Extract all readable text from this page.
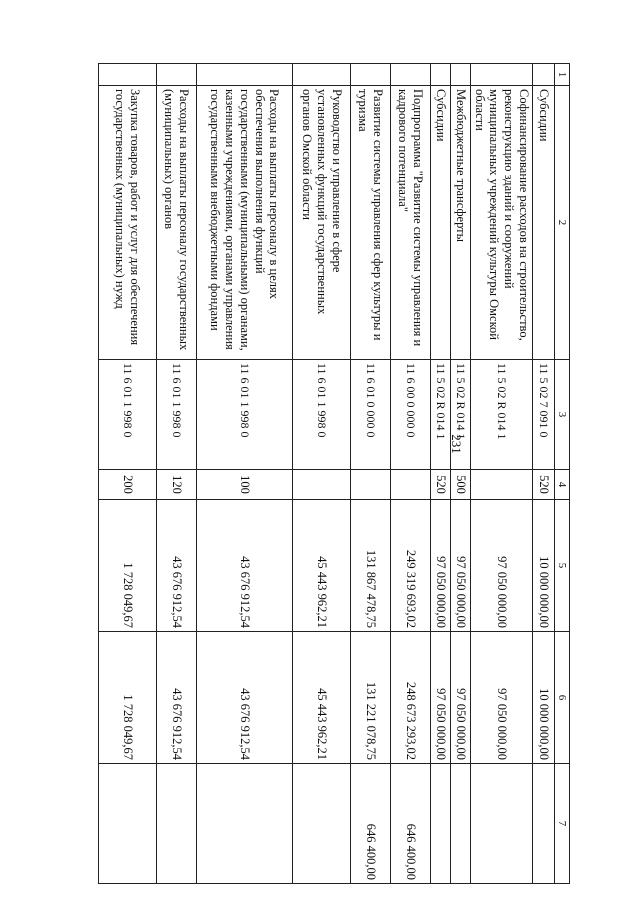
231
1	2	3	4	5	6	7
	Субсидии	11 5 02 7 091 0	520	10 000 000,00	10 000 000,00	
	Софинансирование расходов на строительство, реконструкцию зданий и сооружений муниципальных учреждений культуры Омской области	11 5 02 R 014 1		97 050 000,00	97 050 000,00	
	Межбюджетные трансферты	11 5 02 R 014 1	500	97 050 000,00	97 050 000,00	
	Субсидии	11 5 02 R 014 1	520	97 050 000,00	97 050 000,00	
	Подпрограмма "Развитие системы управления и кадрового потенциала"	11 6 00 0 000 0		249 319 693,02	248 673 293,02	646 400,00
	Развитие системы управления сфер культуры и туризма	11 6 01 0 000 0		131 867 478,75	131 221 078,75	646 400,00
	Руководство и управление в сфере установленных функций государственных органов Омской области	11 6 01 1 998 0		45 443 962,21	45 443 962,21	
	Расходы на выплаты персоналу в целях обеспечения выполнения функций государственными (муниципальными) органами, казенными учреждениями, органами управления государственными внебюджетными фондами	11 6 01 1 998 0	100	43 676 912,54	43 676 912,54	
	Расходы на выплаты персоналу государственных (муниципальных) органов	11 6 01 1 998 0	120	43 676 912,54	43 676 912,54	
	Закупка товаров, работ и услуг для обеспечения государственных (муниципальных) нужд	11 6 01 1 998 0	200	1 728 049,67	1 728 049,67	
